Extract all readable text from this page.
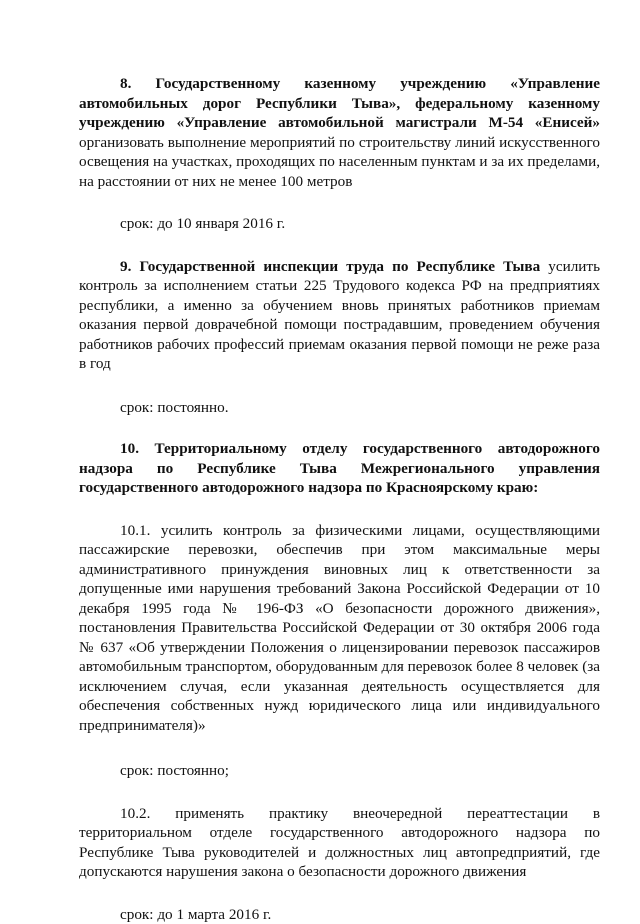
8. Государственному казенному учреждению «Управление автомобильных дорог Республики Тыва», федеральному казенному учреждению «Управление автомобильной магистрали М-54 «Енисей» организовать выполнение мероприятий по строительству линий искусственного освещения на участках, проходящих по населенным пунктам и за их пределами, на расстоянии от них не менее 100 метров

срок: до 10 января 2016 г.

9. Государственной инспекции труда по Республике Тыва усилить контроль за исполнением статьи 225 Трудового кодекса РФ на предприятиях республики, а именно за обучением вновь принятых работников приемам оказания первой доврачебной помощи пострадавшим, проведением обучения работников рабочих профессий приемам оказания первой помощи не реже раза в год

срок: постоянно.

10. Территориальному отделу государственного автодорожного надзора по Республике Тыва Межрегионального управления государственного автодорожного надзора по Красноярскому краю:

10.1. усилить контроль за физическими лицами, осуществляющими пассажирские перевозки, обеспечив при этом максимальные меры административного принуждения виновных лиц к ответственности за допущенные ими нарушения требований Закона Российской Федерации от 10 декабря 1995 года № 196-ФЗ «О безопасности дорожного движения», постановления Правительства Российской Федерации от 30 октября 2006 года № 637 «Об утверждении Положения о лицензировании перевозок пассажиров автомобильным транспортом, оборудованным для перевозок более 8 человек (за исключением случая, если указанная деятельность осуществляется для обеспечения собственных нужд юридического лица или индивидуального предпринимателя)»

срок: постоянно;

10.2. применять практику внеочередной переаттестации в территориальном отделе государственного автодорожного надзора по Республике Тыва руководителей и должностных лиц автопредприятий, где допускаются нарушения закона о безопасности дорожного движения

срок: до 1 марта 2016 г.
